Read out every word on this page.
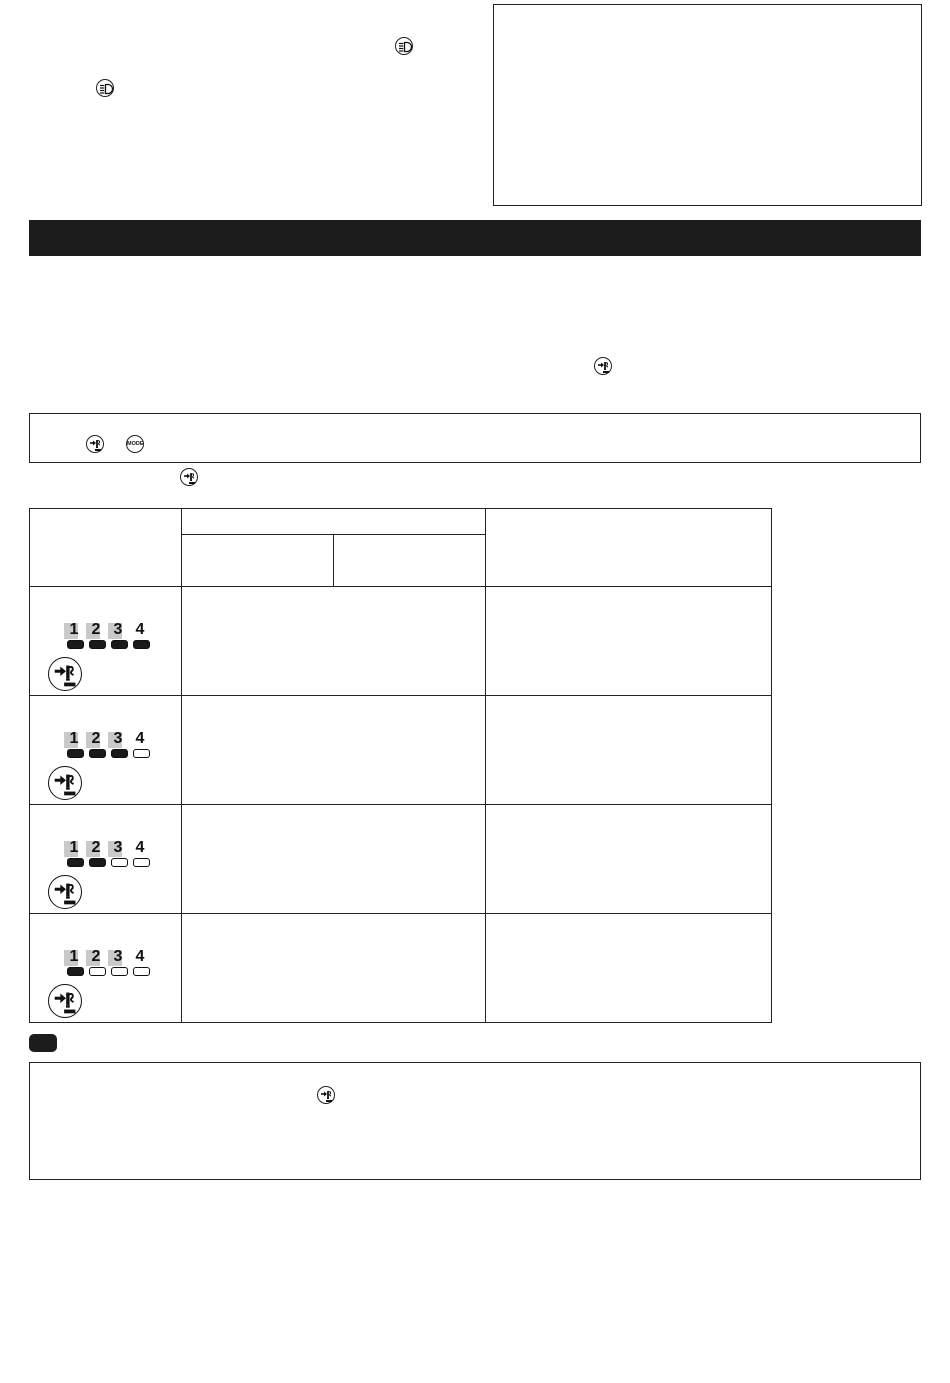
MODE

1 2 3 4			

1 2 3 4			

1 2 3 4			

1 2 3 4			
